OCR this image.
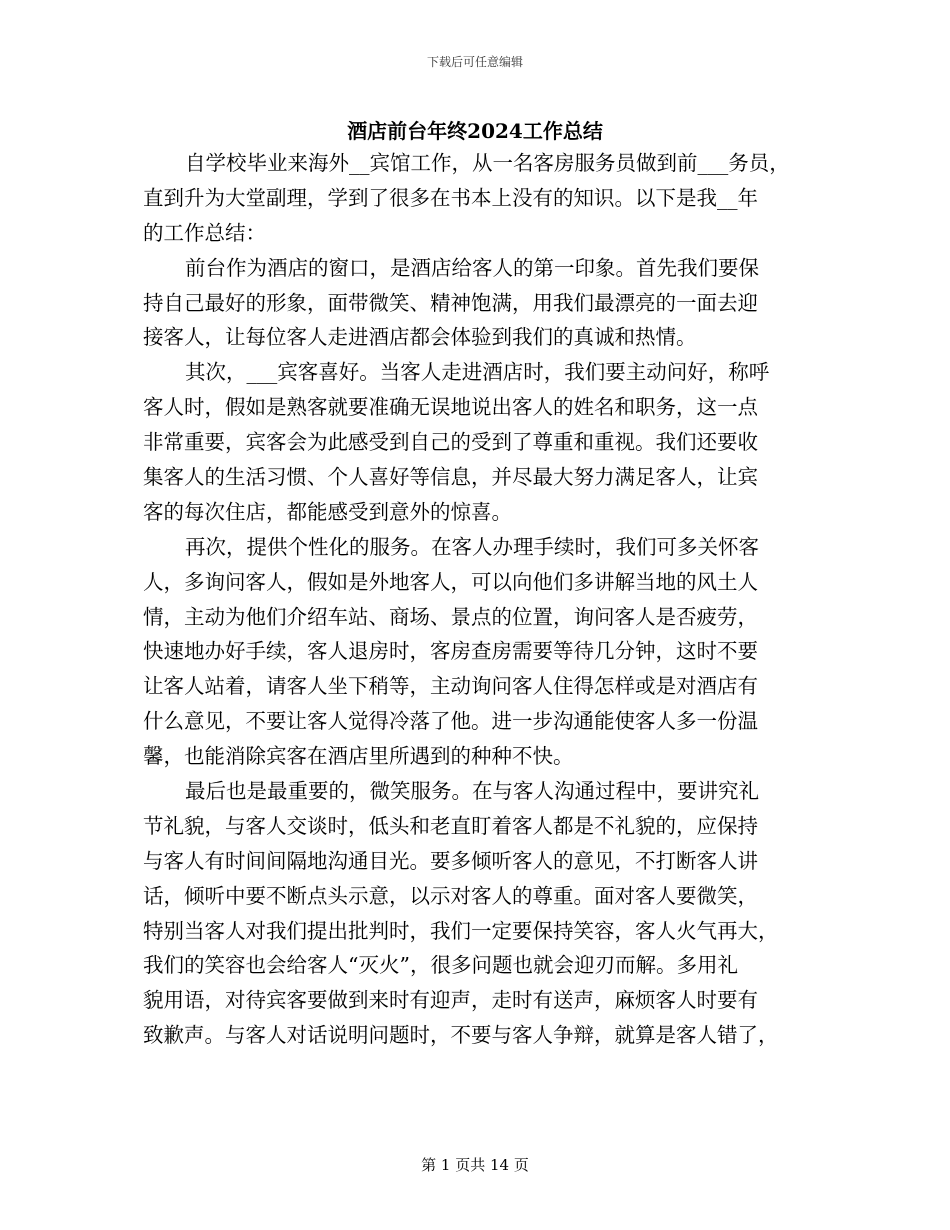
下载后可任意编辑
酒店前台年终2024工作总结
自学校毕业来海外__宾馆工作，从一名客房服务员做到前___务员，
直到升为大堂副理，学到了很多在书本上没有的知识。以下是我__年
的工作总结：
前台作为酒店的窗口，是酒店给客人的第一印象。首先我们要保
持自己最好的形象，面带微笑、精神饱满，用我们最漂亮的一面去迎
接客人，让每位客人走进酒店都会体验到我们的真诚和热情。
其次，___宾客喜好。当客人走进酒店时，我们要主动问好，称呼
客人时，假如是熟客就要准确无误地说出客人的姓名和职务，这一点
非常重要，宾客会为此感受到自己的受到了尊重和重视。我们还要收
集客人的生活习惯、个人喜好等信息，并尽最大努力满足客人，让宾
客的每次住店，都能感受到意外的惊喜。
再次，提供个性化的服务。在客人办理手续时，我们可多关怀客
人，多询问客人，假如是外地客人，可以向他们多讲解当地的风土人
情，主动为他们介绍车站、商场、景点的位置，询问客人是否疲劳，
快速地办好手续，客人退房时，客房查房需要等待几分钟，这时不要
让客人站着，请客人坐下稍等，主动询问客人住得怎样或是对酒店有
什么意见，不要让客人觉得冷落了他。进一步沟通能使客人多一份温
馨，也能消除宾客在酒店里所遇到的种种不快。
最后也是最重要的，微笑服务。在与客人沟通过程中，要讲究礼
节礼貌，与客人交谈时，低头和老直盯着客人都是不礼貌的，应保持
与客人有时间间隔地沟通目光。要多倾听客人的意见，不打断客人讲
话，倾听中要不断点头示意，以示对客人的尊重。面对客人要微笑，
特别当客人对我们提出批判时，我们一定要保持笑容，客人火气再大，
我们的笑容也会给客人“灭火”，很多问题也就会迎刃而解。多用礼
貌用语，对待宾客要做到来时有迎声，走时有送声，麻烦客人时要有
致歉声。与客人对话说明问题时，不要与客人争辩，就算是客人错了，
第 1 页共 14 页
